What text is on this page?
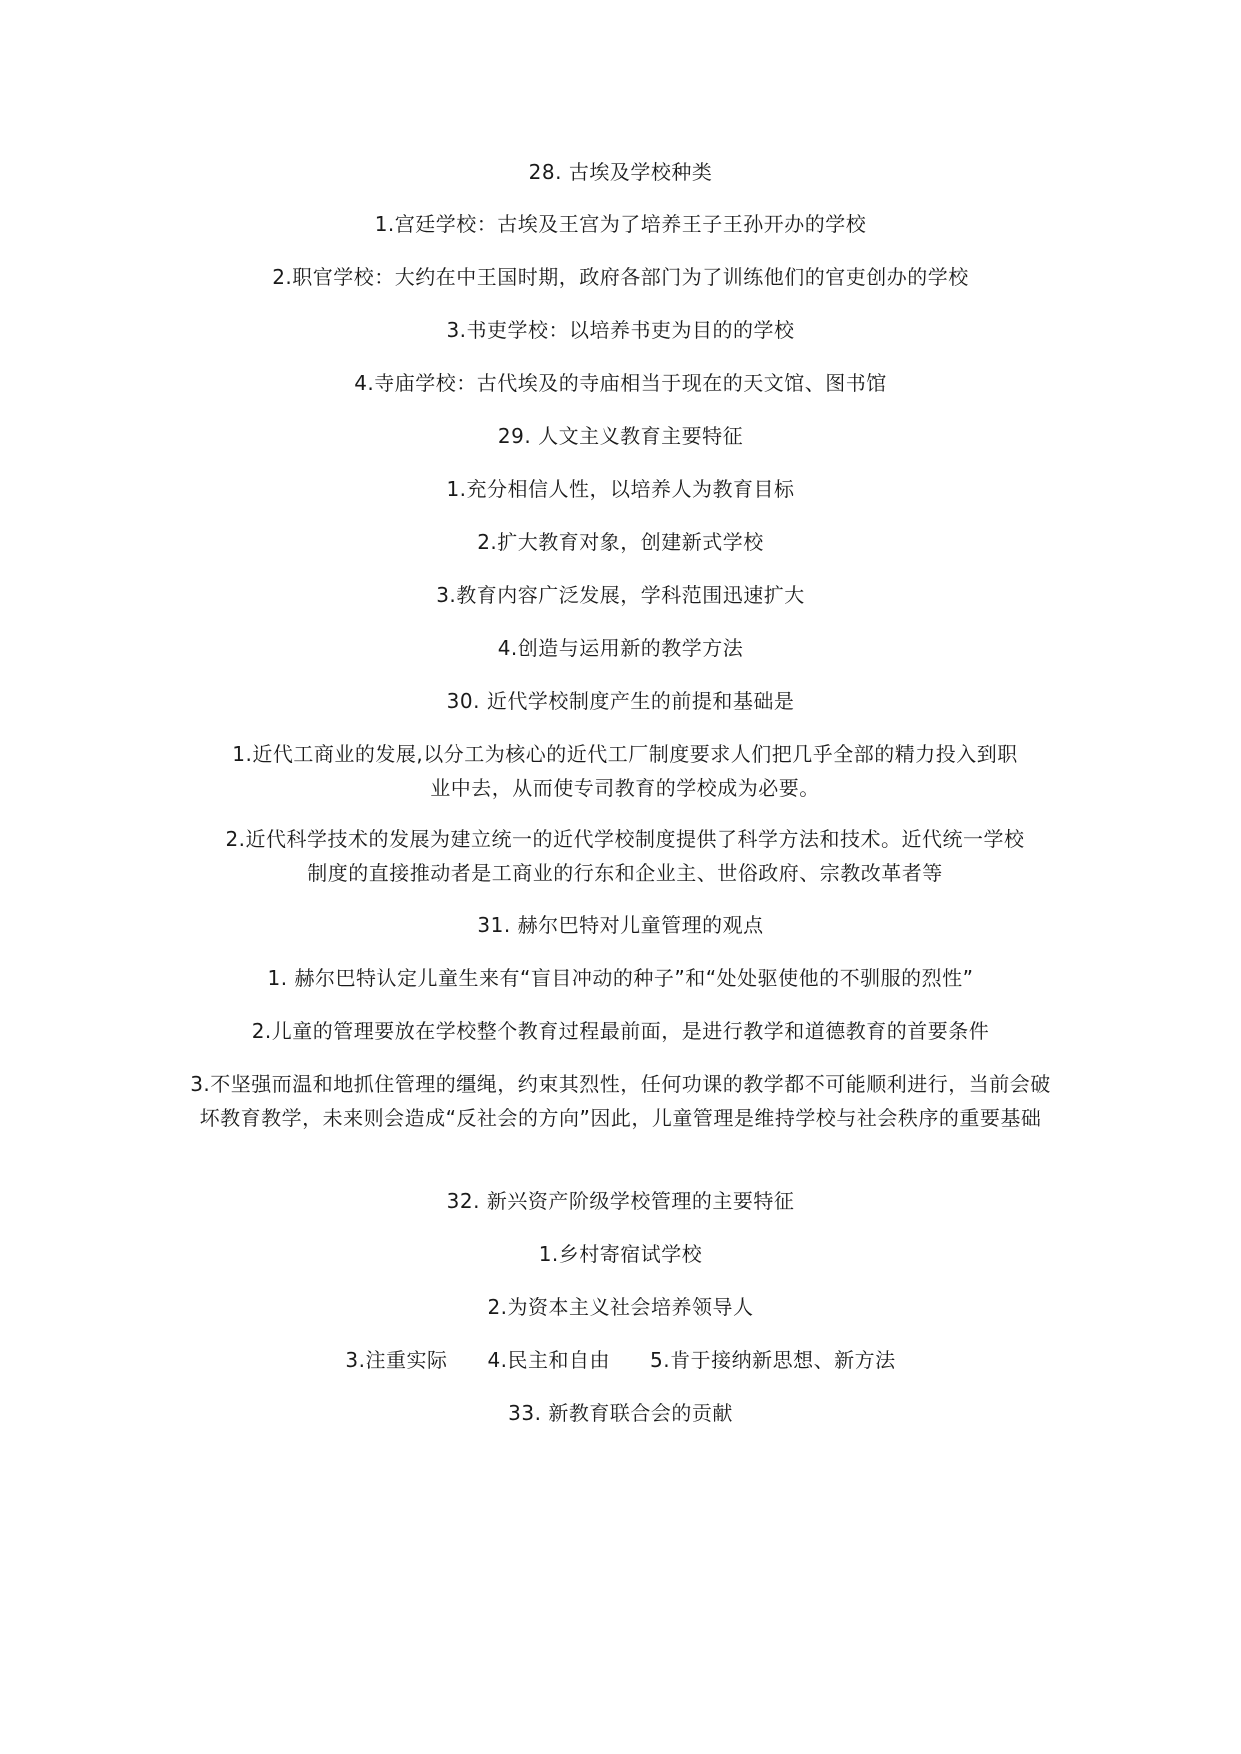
28. 古埃及学校种类
1.宫廷学校：古埃及王宫为了培养王子王孙开办的学校
2.职官学校：大约在中王国时期，政府各部门为了训练他们的官吏创办的学校
3.书吏学校：以培养书吏为目的的学校
4.寺庙学校：古代埃及的寺庙相当于现在的天文馆、图书馆
29. 人文主义教育主要特征
1.充分相信人性，以培养人为教育目标
2.扩大教育对象，创建新式学校
3.教育内容广泛发展，学科范围迅速扩大
4.创造与运用新的教学方法
30. 近代学校制度产生的前提和基础是
1.近代工商业的发展,以分工为核心的近代工厂制度要求人们把几乎全部的精力投入到职业中去，从而使专司教育的学校成为必要。
2.近代科学技术的发展为建立统一的近代学校制度提供了科学方法和技术。近代统一学校制度的直接推动者是工商业的行东和企业主、世俗政府、宗教改革者等
31. 赫尔巴特对儿童管理的观点
1. 赫尔巴特认定儿童生来有“盲目冲动的种子”和“处处驱使他的不驯服的烈性”
2.儿童的管理要放在学校整个教育过程最前面，是进行教学和道德教育的首要条件
3.不坚强而温和地抓住管理的缰绳，约束其烈性，任何功课的教学都不可能顺利进行，当前会破坏教育教学，未来则会造成“反社会的方向”因此，儿童管理是维持学校与社会秩序的重要基础
32. 新兴资产阶级学校管理的主要特征
1.乡村寄宿试学校
2.为资本主义社会培养领导人
3.注重实际 4.民主和自由 5.肯于接纳新思想、新方法
33. 新教育联合会的贡献
